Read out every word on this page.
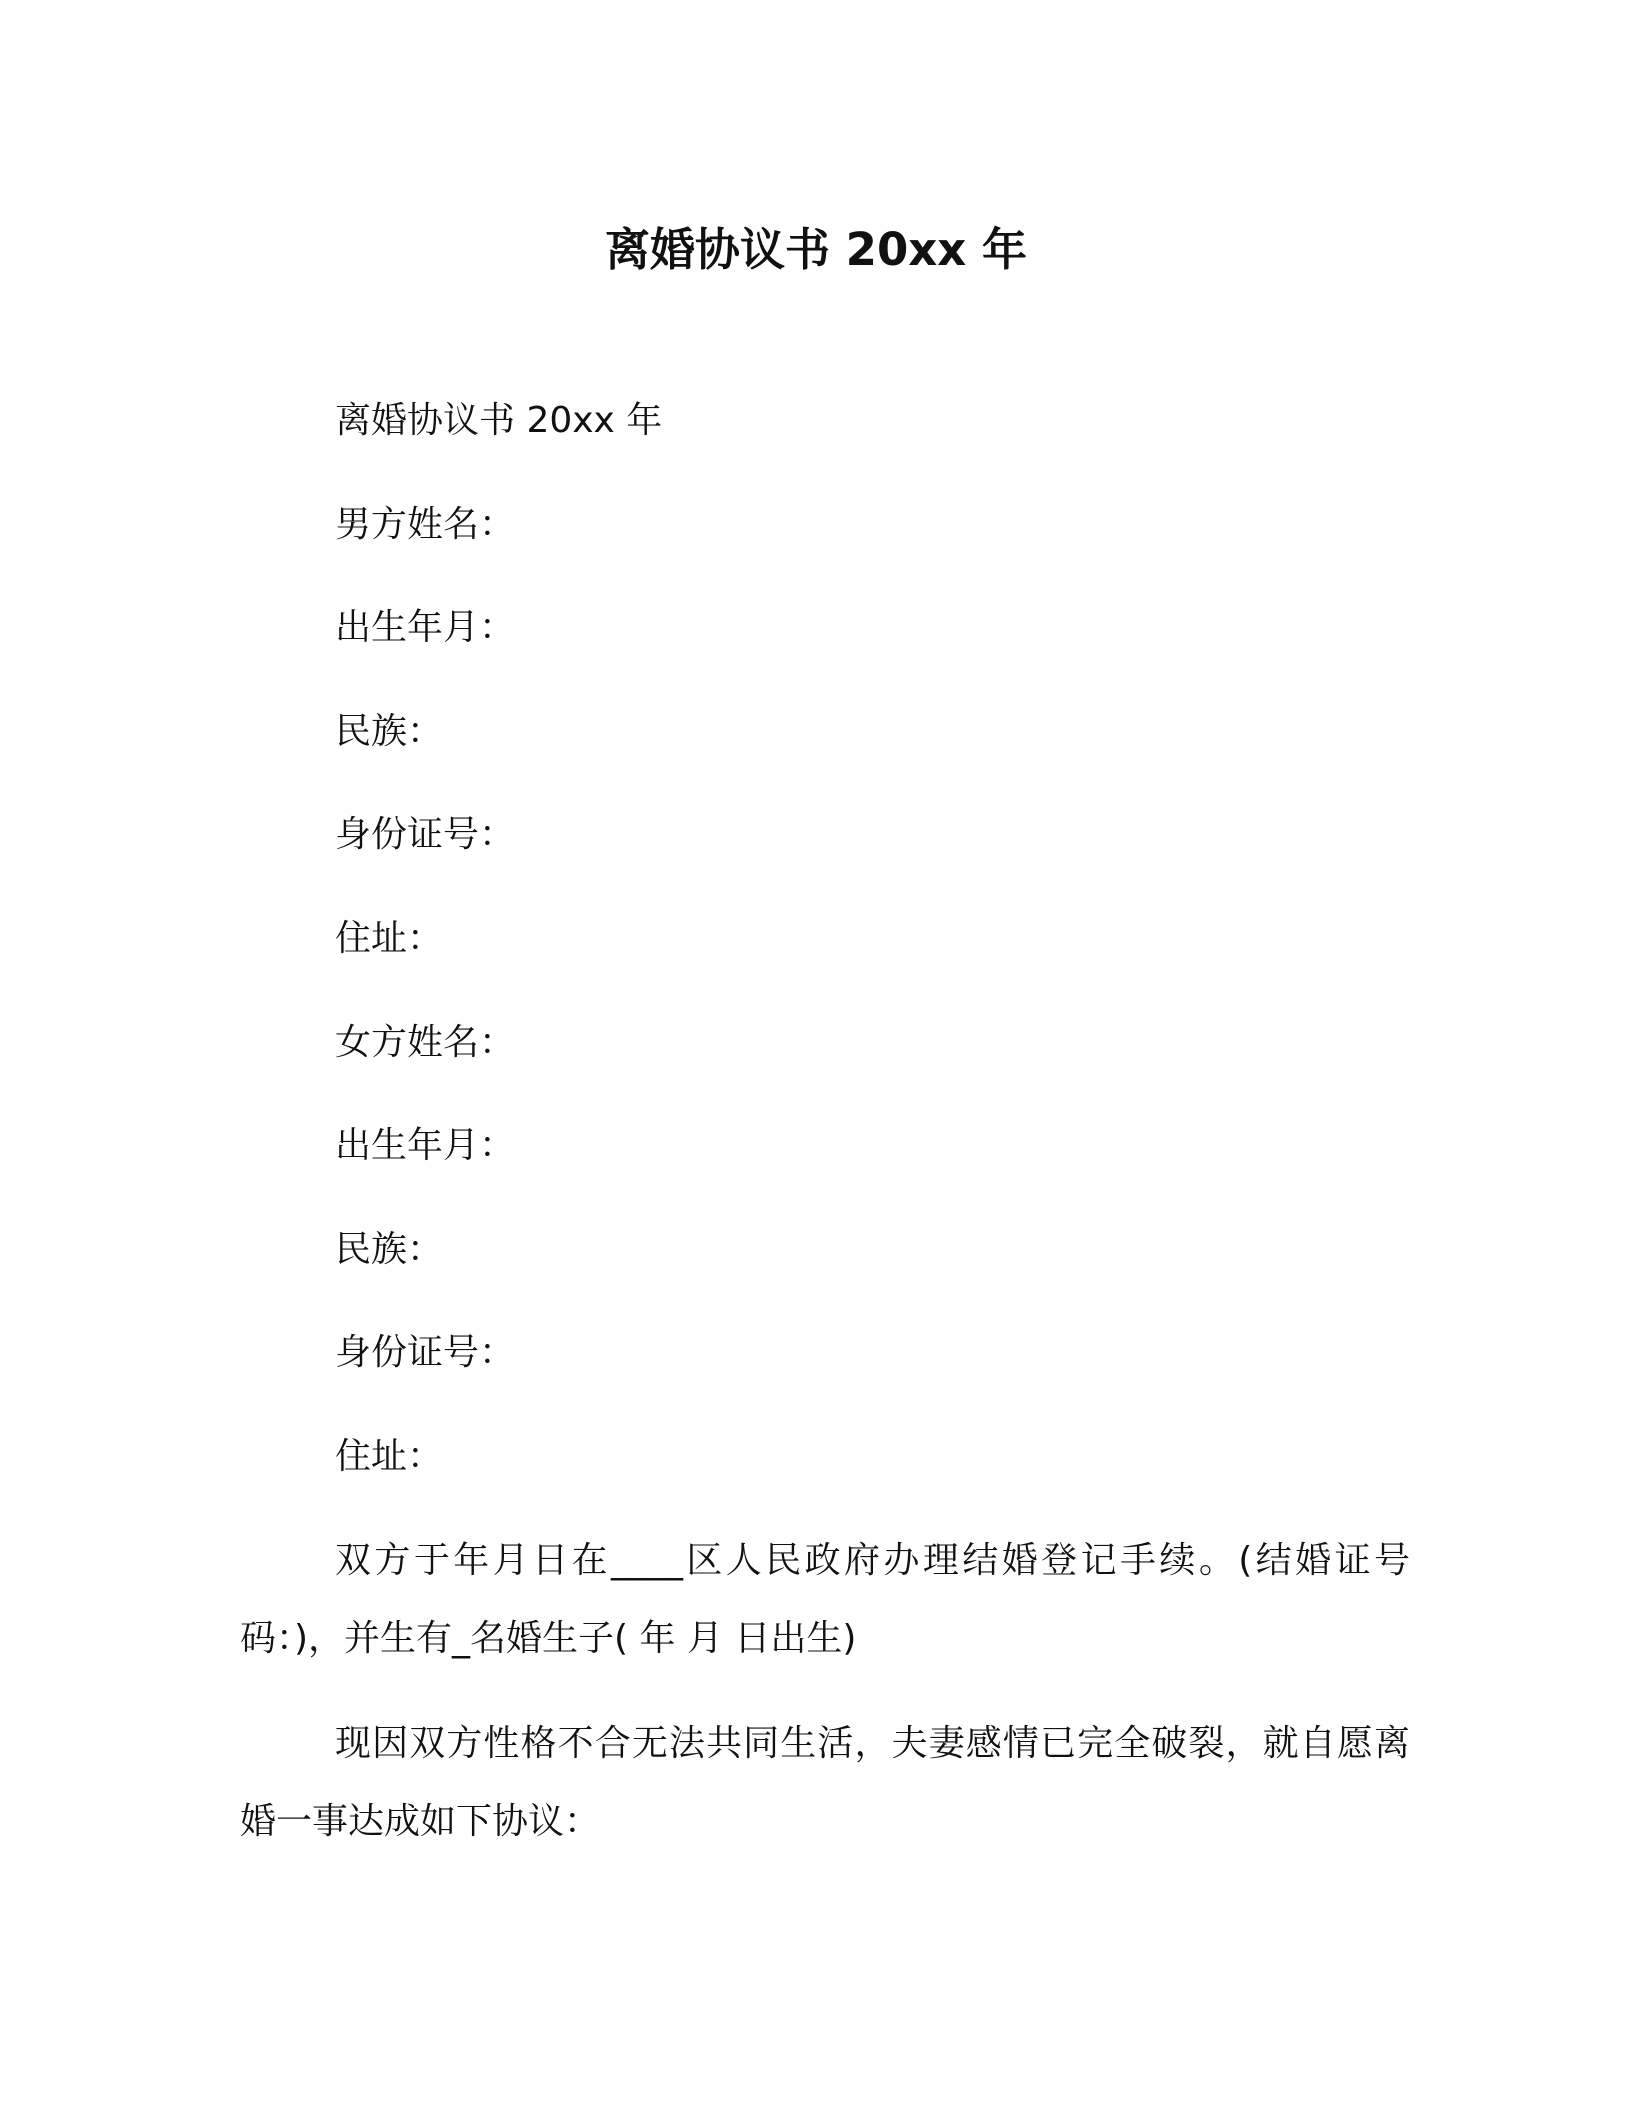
离婚协议书 20xx 年
离婚协议书 20xx 年
男方姓名：
出生年月：
民族：
身份证号：
住址：
女方姓名：
出生年月：
民族：
身份证号：
住址：

双方于年月日在____区人民政府办理结婚登记手续。(结婚证号码：)，并生有_名婚生子( 年 月 日出生)

现因双方性格不合无法共同生活，夫妻感情已完全破裂，就自愿离婚一事达成如下协议：
